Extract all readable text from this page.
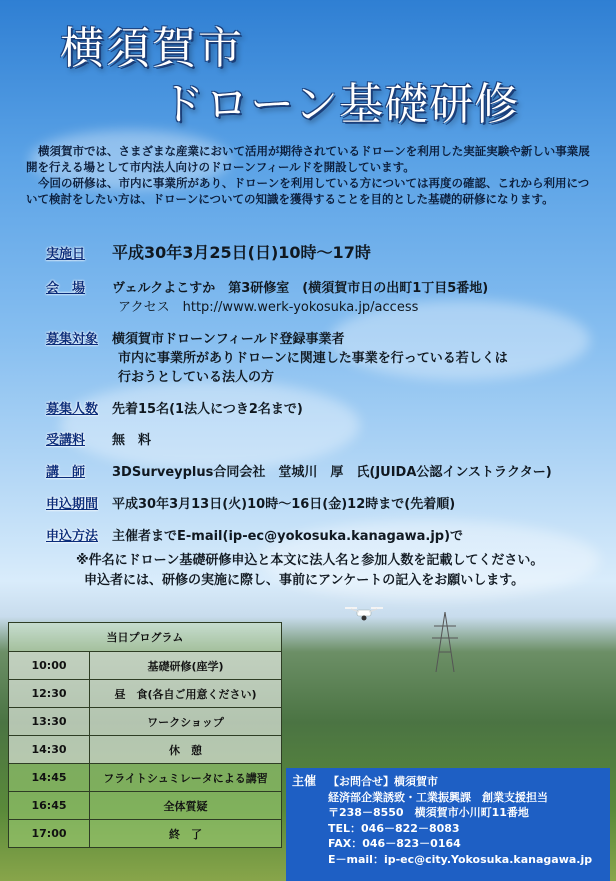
横須賀市
ドローン基礎研修

横須賀市では、さまざまな産業において活用が期待されているドローンを利用した実証実験や新しい事業展開を行える場として市内法人向けのドローンフィールドを開設しています。

今回の研修は、市内に事業所があり、ドローンを利用している方については再度の確認、これから利用について検討をしたい方は、ドローンについての知識を獲得することを目的とした基礎的研修になります。

実施日 平成30年3月25日(日)10時～17時
会　場 ヴェルクよこすか　第3研修室　(横須賀市日の出町1丁目5番地)
アクセス　http://www.werk-yokosuka.jp/access
募集対象 横須賀市ドローンフィールド登録事業者
市内に事業所がありドローンに関連した事業を行っている若しくは
行おうとしている法人の方
募集人数 先着15名(1法人につき2名まで)
受講料 無　料
講　師 3DSurveyplus合同会社　堂城川　厚　氏(JUIDA公認インストラクター)
申込期間 平成30年3月13日(火)10時～16日(金)12時まで(先着順)
申込方法 主催者までE-mail(ip-ec@yokosuka.kanagawa.jp)で
※件名にドローン基礎研修申込と本文に法人名と参加人数を記載してください。
申込者には、研修の実施に際し、事前にアンケートの記入をお願いします。
当日プログラム	
10:00	基礎研修(座学)
12:30	昼　食(各自ご用意ください)
13:30	ワークショップ
14:30	休　憩
14:45	フライトシュミレータによる講習
16:45	全体質疑
17:00	終　了
主催 【お問合せ】横須賀市
経済部企業誘致・工業振興課　創業支援担当
〒238－8550　横須賀市小川町11番地
TEL：046－822－8083
FAX：046－823－0164
E－mail：ip-ec@city.Yokosuka.kanagawa.jp
